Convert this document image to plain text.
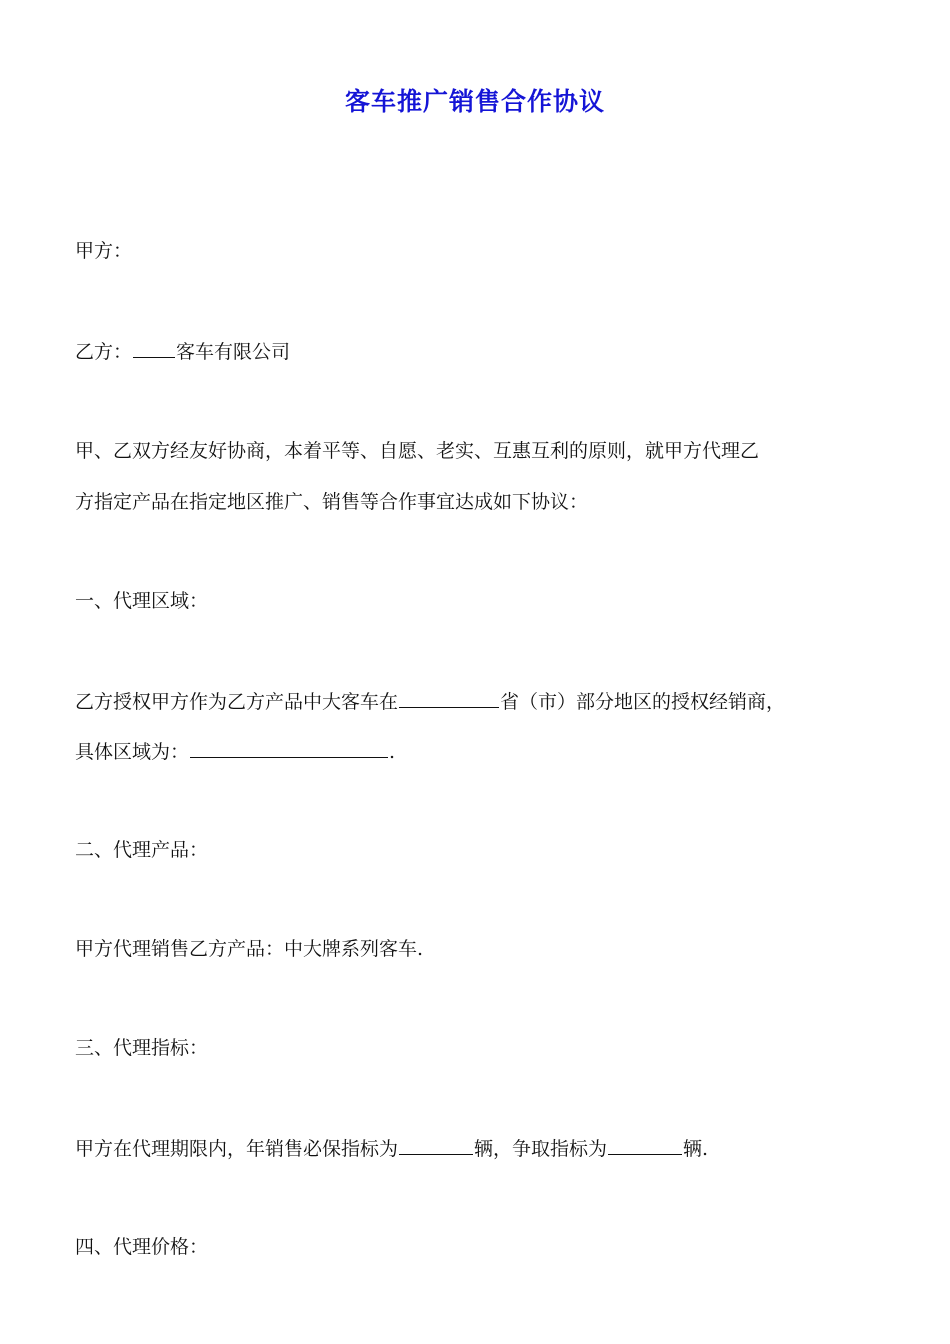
客车推广销售合作协议
甲方：
乙方： 客车有限公司
甲、乙双方经友好协商，本着平等、自愿、老实、互惠互利的原则，就甲方代理乙
方指定产品在指定地区推广、销售等合作事宜达成如下协议：
一、代理区域：
乙方授权甲方作为乙方产品中大客车在	省（市）部分地区的授权经销商，
具体区域为：	.
二、代理产品：
甲方代理销售乙方产品：中大牌系列客车.
三、代理指标：
甲方在代理期限内，年销售必保指标为	辆，争取指标为	辆.
四、代理价格：
